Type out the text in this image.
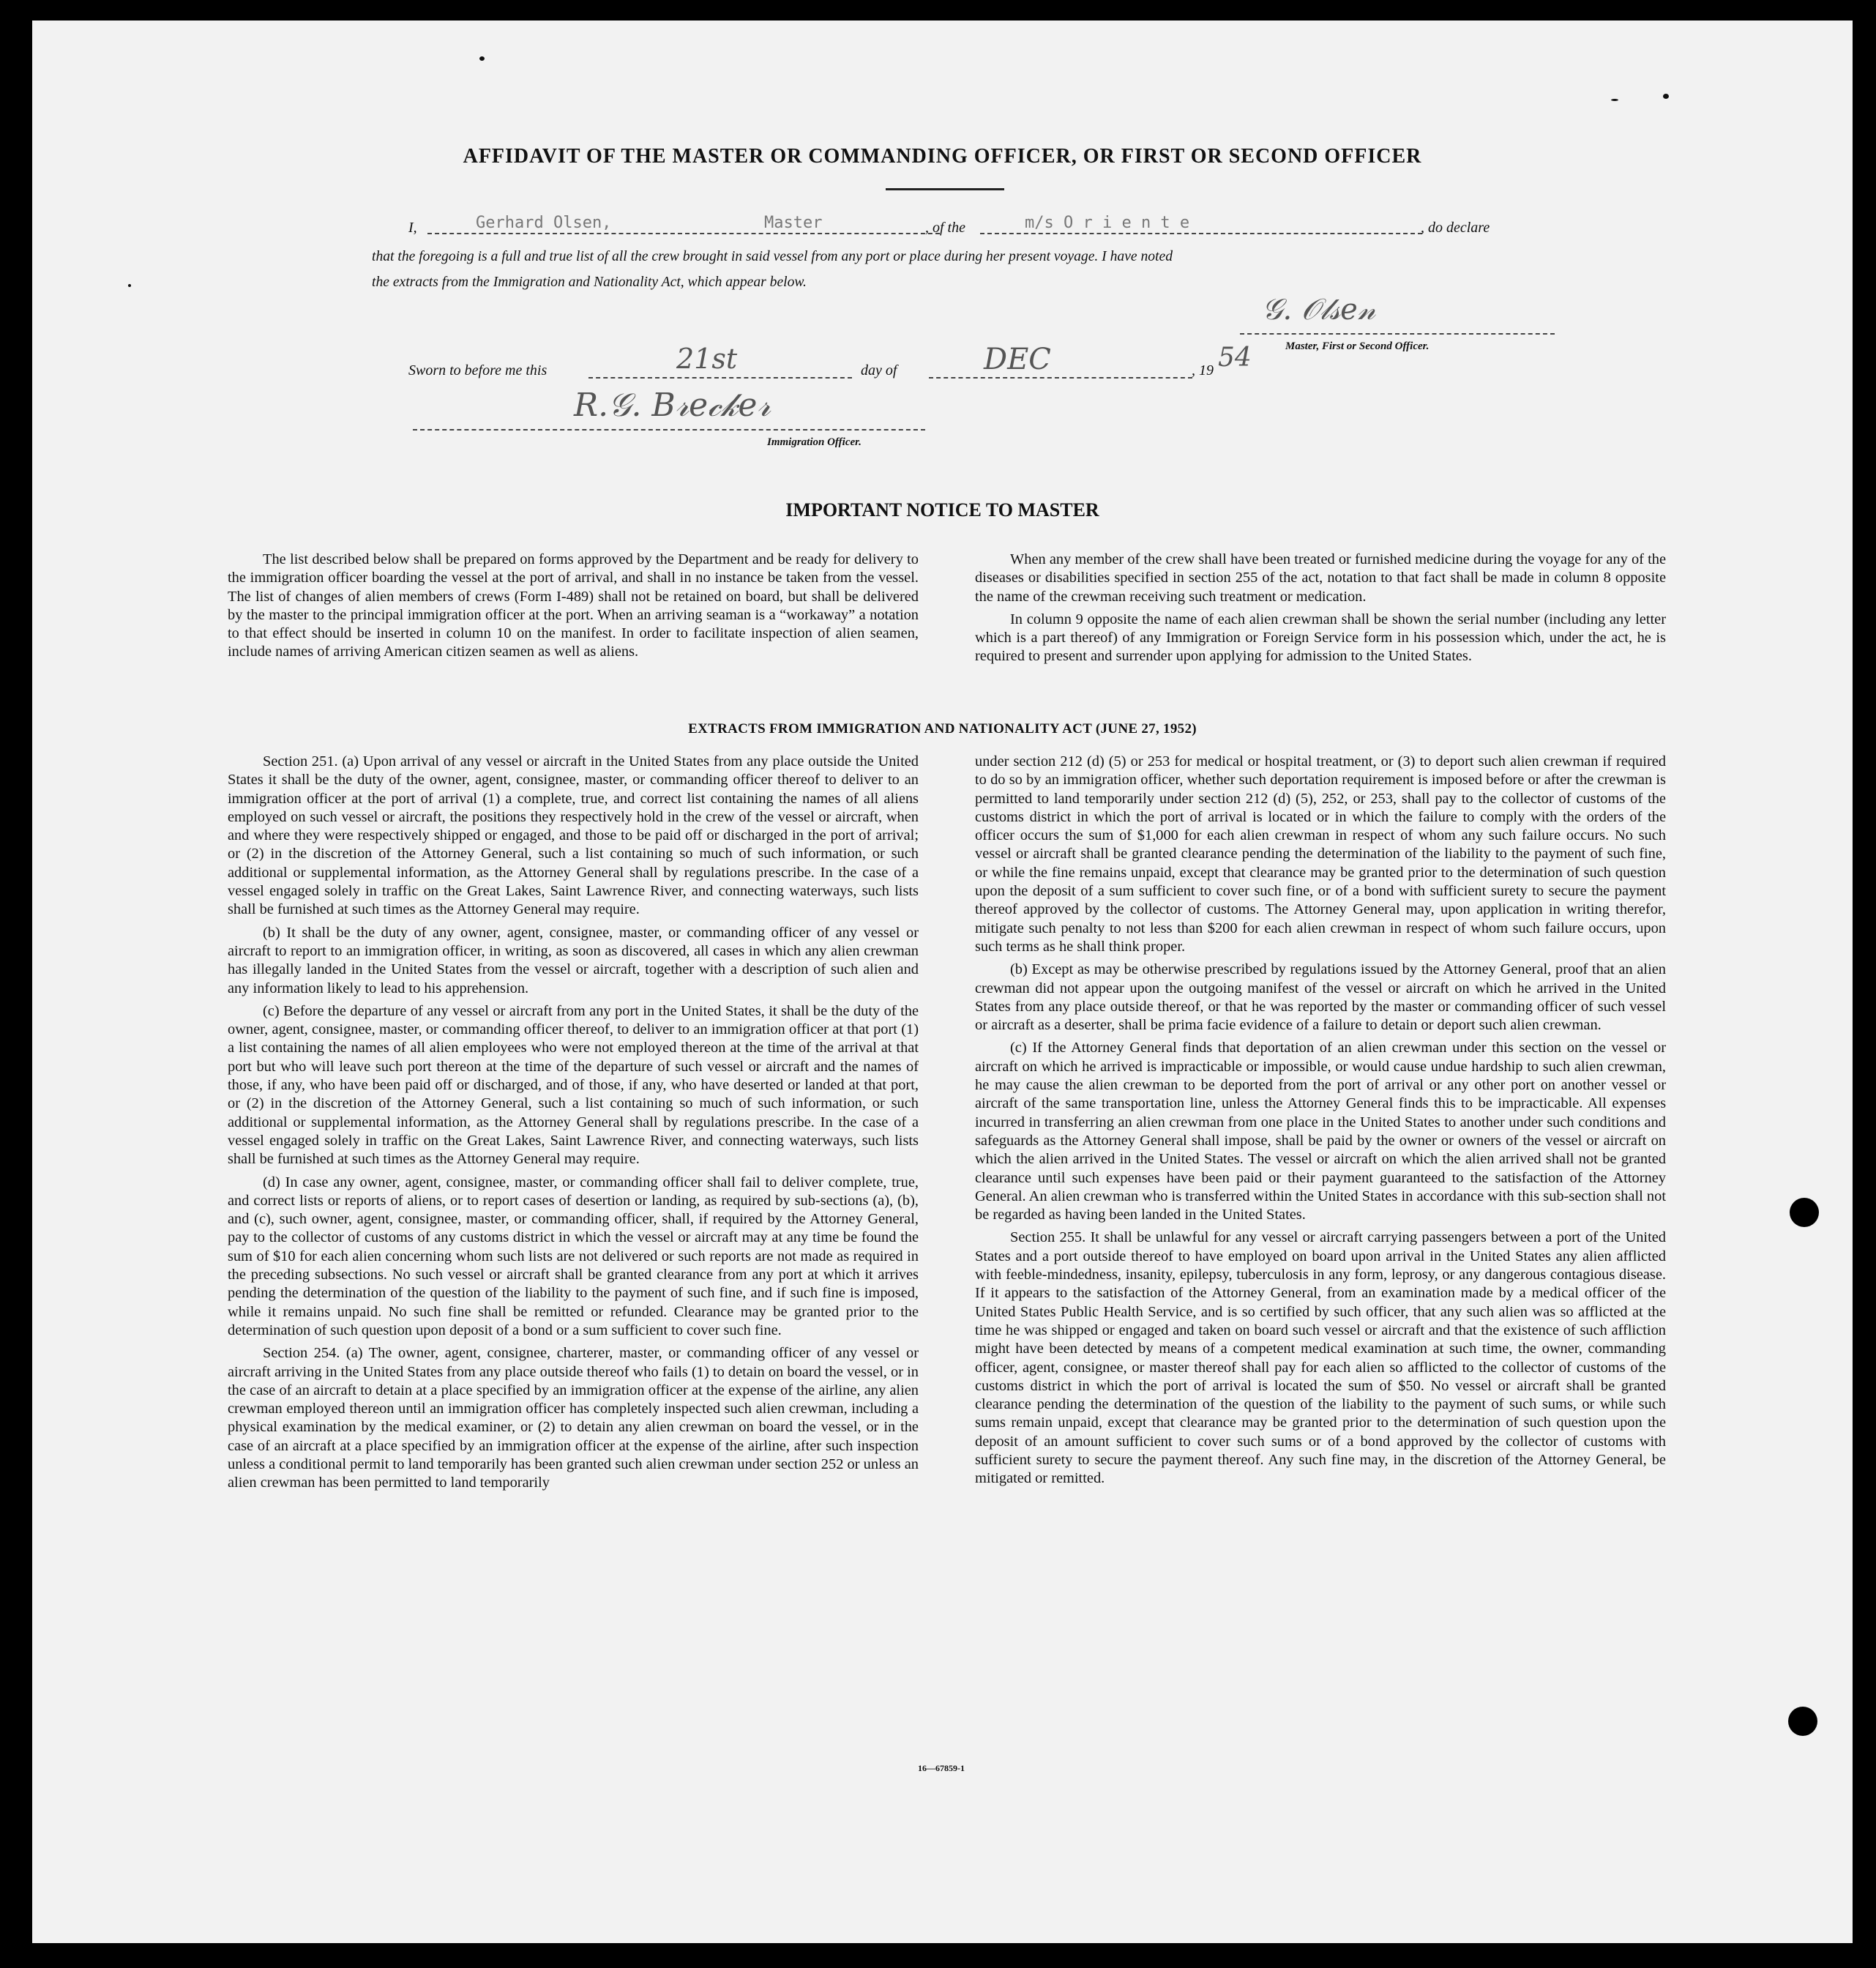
AFFIDAVIT OF THE MASTER OR COMMANDING OFFICER, OR FIRST OR SECOND OFFICER
I,	Gerhard Olsen,	Master	, of the	m/s O r i e n t e	, do declare
that the foregoing is a full and true list of all the crew brought in said vessel from any port or place during her present voyage. I have noted
the extracts from the Immigration and Nationality Act, which appear below.
𝒢. 𝒪𝓁𝓈𝑒𝓃
Master, First or Second Officer.
Sworn to before me this	21st	day of	DEC	, 19 54
𝑅.𝒢. 𝐵𝓇𝑒𝒸𝓀𝑒𝓇
Immigration Officer.
IMPORTANT NOTICE TO MASTER

The list described below shall be prepared on forms approved by the Department and be ready for delivery to the immigration officer boarding the vessel at the port of arrival, and shall in no instance be taken from the vessel. The list of changes of alien members of crews (Form I-489) shall not be retained on board, but shall be delivered by the master to the principal immigration officer at the port. When an arriving seaman is a “workaway” a notation to that effect should be inserted in column 10 on the manifest. In order to facilitate inspection of alien seamen, include names of arriving American citizen seamen as well as aliens.

When any member of the crew shall have been treated or furnished medicine during the voyage for any of the diseases or disabilities specified in section 255 of the act, notation to that fact shall be made in column 8 opposite the name of the crewman receiving such treatment or medication.

In column 9 opposite the name of each alien crewman shall be shown the serial number (including any letter which is a part thereof) of any Immigration or Foreign Service form in his possession which, under the act, he is required to present and surrender upon applying for admission to the United States.

EXTRACTS FROM IMMIGRATION AND NATIONALITY ACT (JUNE 27, 1952)

Section 251. (a) Upon arrival of any vessel or aircraft in the United States from any place outside the United States it shall be the duty of the owner, agent, consignee, master, or commanding officer thereof to deliver to an immigration officer at the port of arrival (1) a complete, true, and correct list containing the names of all aliens employed on such vessel or aircraft, the positions they respectively hold in the crew of the vessel or aircraft, when and where they were respectively shipped or engaged, and those to be paid off or discharged in the port of arrival; or (2) in the discretion of the Attorney General, such a list containing so much of such information, or such additional or supplemental information, as the Attorney General shall by regulations prescribe. In the case of a vessel engaged solely in traffic on the Great Lakes, Saint Lawrence River, and connecting waterways, such lists shall be furnished at such times as the Attorney General may require.

(b) It shall be the duty of any owner, agent, consignee, master, or commanding officer of any vessel or aircraft to report to an immigration officer, in writing, as soon as discovered, all cases in which any alien crewman has illegally landed in the United States from the vessel or aircraft, together with a description of such alien and any information likely to lead to his apprehension.

(c) Before the departure of any vessel or aircraft from any port in the United States, it shall be the duty of the owner, agent, consignee, master, or commanding officer thereof, to deliver to an immigration officer at that port (1) a list containing the names of all alien employees who were not employed thereon at the time of the arrival at that port but who will leave such port thereon at the time of the departure of such vessel or aircraft and the names of those, if any, who have been paid off or discharged, and of those, if any, who have deserted or landed at that port, or (2) in the discretion of the Attorney General, such a list containing so much of such information, or such additional or supplemental information, as the Attorney General shall by regulations prescribe. In the case of a vessel engaged solely in traffic on the Great Lakes, Saint Lawrence River, and connecting waterways, such lists shall be furnished at such times as the Attorney General may require.

(d) In case any owner, agent, consignee, master, or commanding officer shall fail to deliver complete, true, and correct lists or reports of aliens, or to report cases of desertion or landing, as required by sub-sections (a), (b), and (c), such owner, agent, consignee, master, or commanding officer, shall, if required by the Attorney General, pay to the collector of customs of any customs district in which the vessel or aircraft may at any time be found the sum of $10 for each alien concerning whom such lists are not delivered or such reports are not made as required in the preceding subsections. No such vessel or aircraft shall be granted clearance from any port at which it arrives pending the determination of the question of the liability to the payment of such fine, and if such fine is imposed, while it remains unpaid. No such fine shall be remitted or refunded. Clearance may be granted prior to the determination of such question upon deposit of a bond or a sum sufficient to cover such fine.

Section 254. (a) The owner, agent, consignee, charterer, master, or commanding officer of any vessel or aircraft arriving in the United States from any place outside thereof who fails (1) to detain on board the vessel, or in the case of an aircraft to detain at a place specified by an immigration officer at the expense of the airline, any alien crewman employed thereon until an immigration officer has completely inspected such alien crewman, including a physical examination by the medical examiner, or (2) to detain any alien crewman on board the vessel, or in the case of an aircraft at a place specified by an immigration officer at the expense of the airline, after such inspection unless a conditional permit to land temporarily has been granted such alien crewman under section 252 or unless an alien crewman has been permitted to land temporarily

under section 212 (d) (5) or 253 for medical or hospital treatment, or (3) to deport such alien crewman if required to do so by an immigration officer, whether such deportation requirement is imposed before or after the crewman is permitted to land temporarily under section 212 (d) (5), 252, or 253, shall pay to the collector of customs of the customs district in which the port of arrival is located or in which the failure to comply with the orders of the officer occurs the sum of $1,000 for each alien crewman in respect of whom any such failure occurs. No such vessel or aircraft shall be granted clearance pending the determination of the liability to the payment of such fine, or while the fine remains unpaid, except that clearance may be granted prior to the determination of such question upon the deposit of a sum sufficient to cover such fine, or of a bond with sufficient surety to secure the payment thereof approved by the collector of customs. The Attorney General may, upon application in writing therefor, mitigate such penalty to not less than $200 for each alien crewman in respect of whom such failure occurs, upon such terms as he shall think proper.

(b) Except as may be otherwise prescribed by regulations issued by the Attorney General, proof that an alien crewman did not appear upon the outgoing manifest of the vessel or aircraft on which he arrived in the United States from any place outside thereof, or that he was reported by the master or commanding officer of such vessel or aircraft as a deserter, shall be prima facie evidence of a failure to detain or deport such alien crewman.

(c) If the Attorney General finds that deportation of an alien crewman under this section on the vessel or aircraft on which he arrived is impracticable or impossible, or would cause undue hardship to such alien crewman, he may cause the alien crewman to be deported from the port of arrival or any other port on another vessel or aircraft of the same transportation line, unless the Attorney General finds this to be impracticable. All expenses incurred in transferring an alien crewman from one place in the United States to another under such conditions and safeguards as the Attorney General shall impose, shall be paid by the owner or owners of the vessel or aircraft on which the alien arrived in the United States. The vessel or aircraft on which the alien arrived shall not be granted clearance until such expenses have been paid or their payment guaranteed to the satisfaction of the Attorney General. An alien crewman who is transferred within the United States in accordance with this sub-section shall not be regarded as having been landed in the United States.

Section 255. It shall be unlawful for any vessel or aircraft carrying passengers between a port of the United States and a port outside thereof to have employed on board upon arrival in the United States any alien afflicted with feeble-mindedness, insanity, epilepsy, tuberculosis in any form, leprosy, or any dangerous contagious disease. If it appears to the satisfaction of the Attorney General, from an examination made by a medical officer of the United States Public Health Service, and is so certified by such officer, that any such alien was so afflicted at the time he was shipped or engaged and taken on board such vessel or aircraft and that the existence of such affliction might have been detected by means of a competent medical examination at such time, the owner, commanding officer, agent, consignee, or master thereof shall pay for each alien so afflicted to the collector of customs of the customs district in which the port of arrival is located the sum of $50. No vessel or aircraft shall be granted clearance pending the determination of the question of the liability to the payment of such sums, or while such sums remain unpaid, except that clearance may be granted prior to the determination of such question upon the deposit of an amount sufficient to cover such sums or of a bond approved by the collector of customs with sufficient surety to secure the payment thereof. Any such fine may, in the discretion of the Attorney General, be mitigated or remitted.

16—67859-1
